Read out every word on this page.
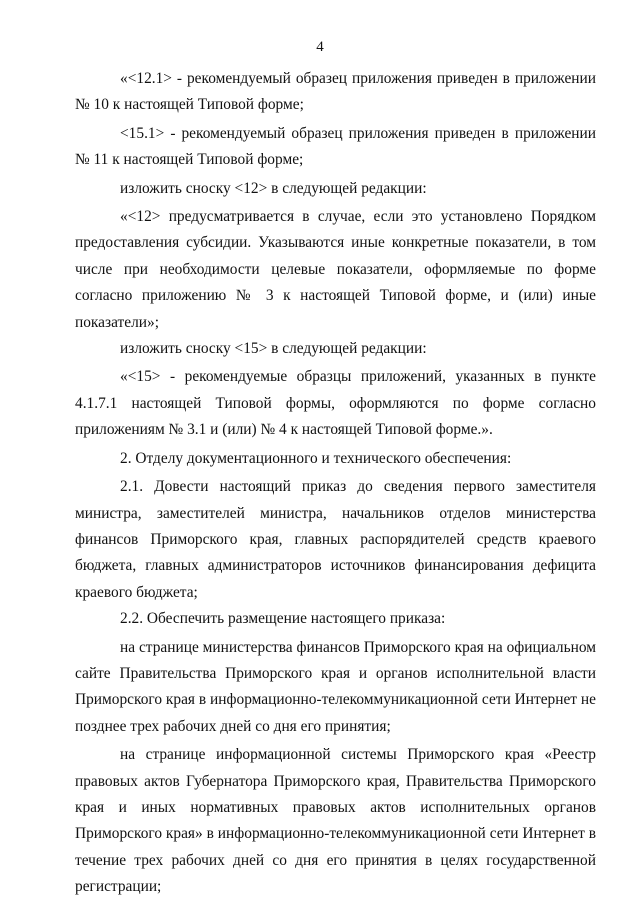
4

«<12.1> - рекомендуемый образец приложения приведен в приложении № 10 к настоящей Типовой форме;

<15.1> - рекомендуемый образец приложения приведен в приложении № 11 к настоящей Типовой форме;

изложить сноску <12> в следующей редакции:

«<12> предусматривается в случае, если это установлено Порядком предоставления субсидии. Указываются иные конкретные показатели, в том числе при необходимости целевые показатели, оформляемые по форме согласно приложению № 3 к настоящей Типовой форме, и (или) иные показатели»;

изложить сноску <15> в следующей редакции:

«<15> - рекомендуемые образцы приложений, указанных в пункте 4.1.7.1 настоящей Типовой формы, оформляются по форме согласно приложениям № 3.1 и (или) № 4 к настоящей Типовой форме.».

2. Отделу документационного и технического обеспечения:

2.1. Довести настоящий приказ до сведения первого заместителя министра, заместителей министра, начальников отделов министерства финансов Приморского края, главных распорядителей средств краевого бюджета, главных администраторов источников финансирования дефицита краевого бюджета;

2.2. Обеспечить размещение настоящего приказа:

на странице министерства финансов Приморского края на официальном сайте Правительства Приморского края и органов исполнительной власти Приморского края в информационно-телекоммуникационной сети Интернет не позднее трех рабочих дней со дня его принятия;

на странице информационной системы Приморского края «Реестр правовых актов Губернатора Приморского края, Правительства Приморского края и иных нормативных правовых актов исполнительных органов Приморского края» в информационно-телекоммуникационной сети Интернет в течение трех рабочих дней со дня его принятия в целях государственной регистрации;
